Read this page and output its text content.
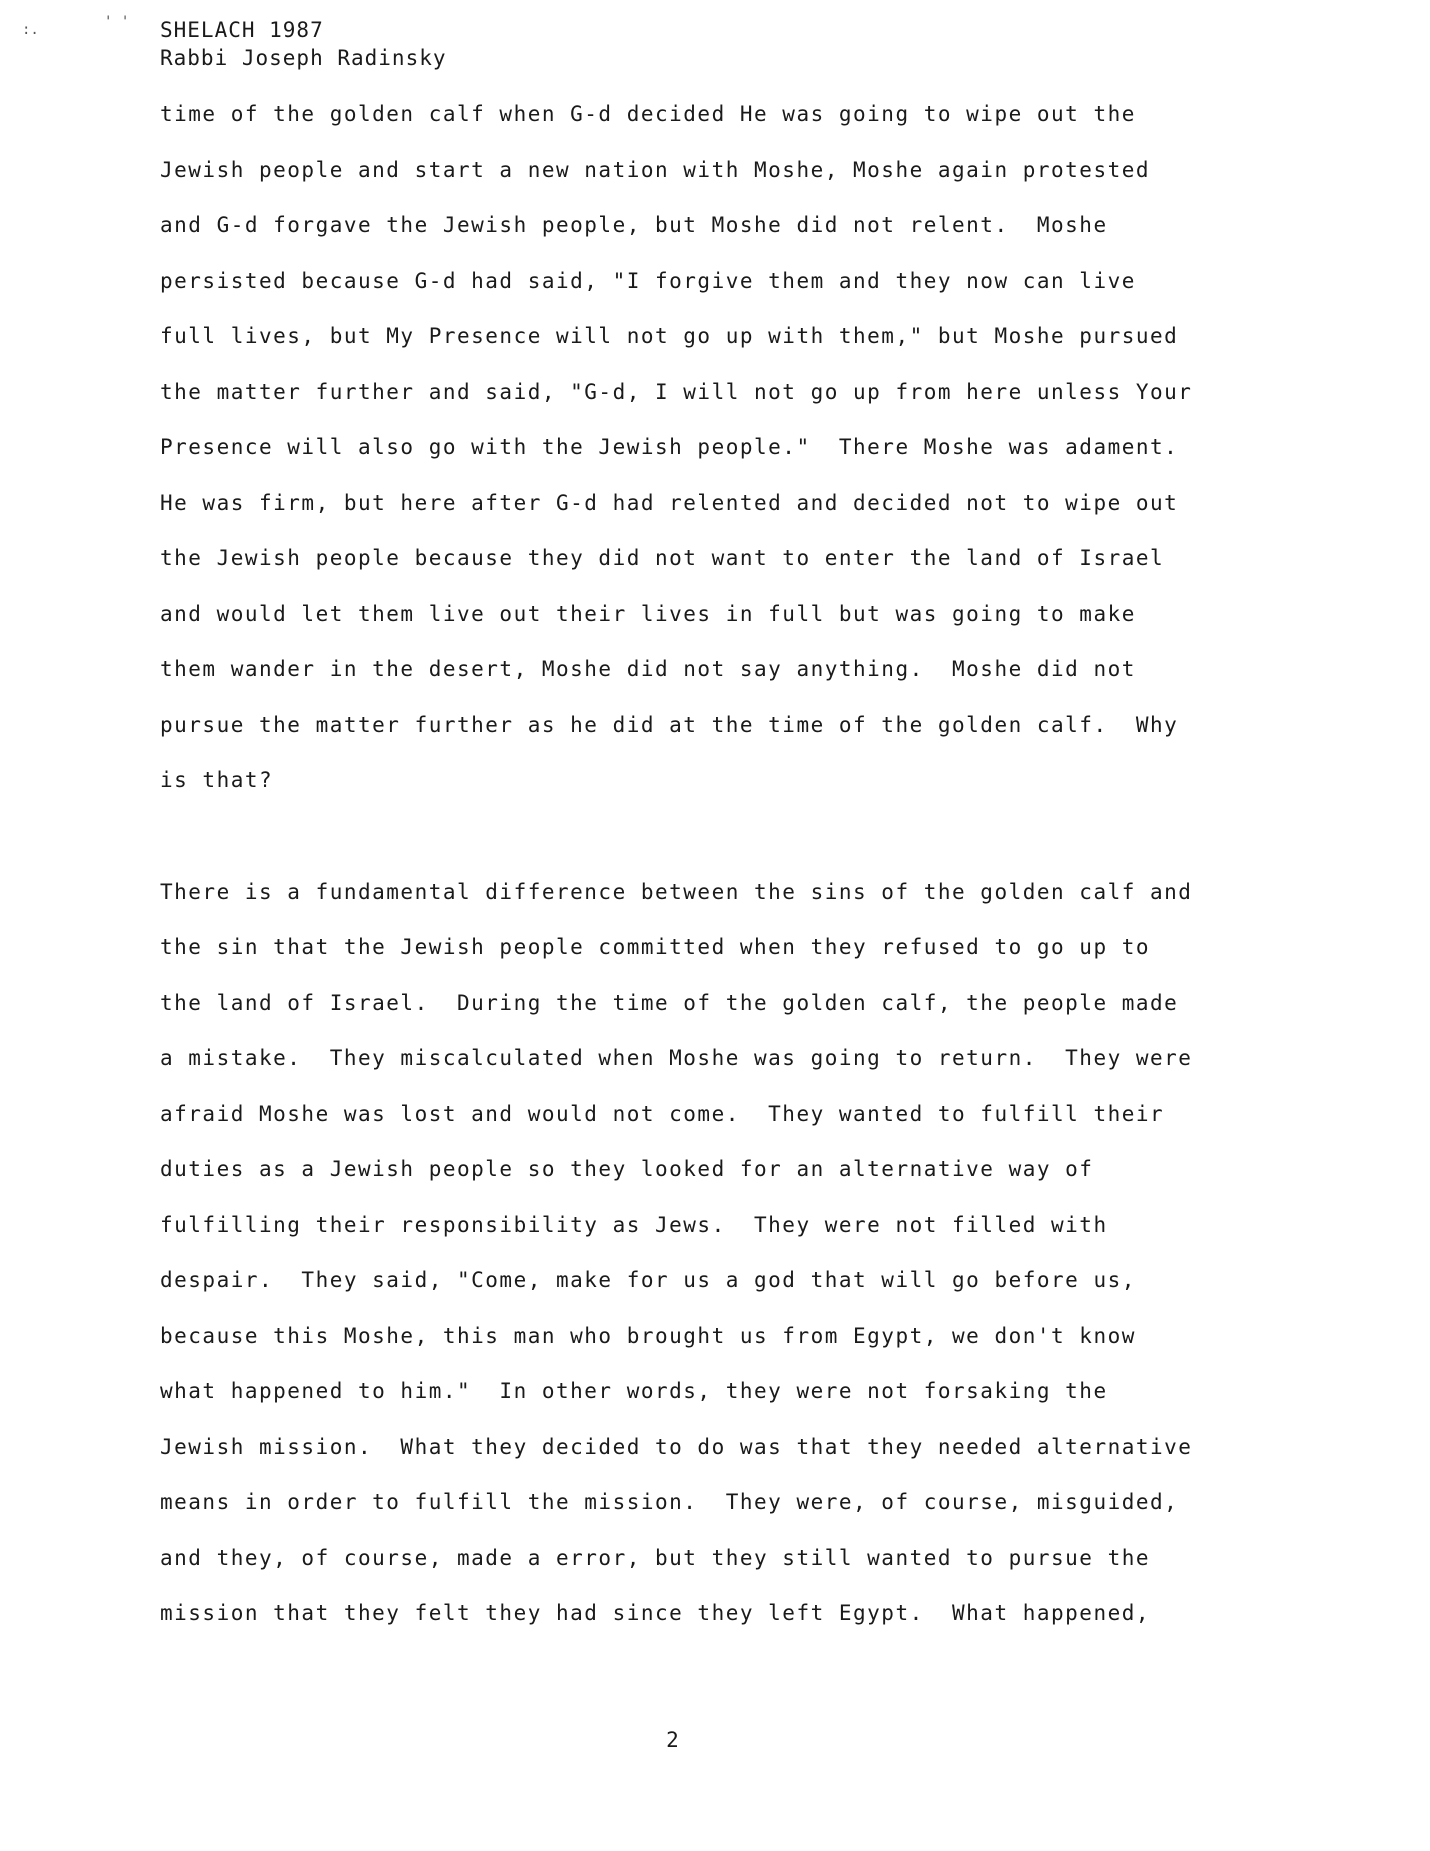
:.	' ' SHELACH 1987
Rabbi Joseph Radinsky
time of the golden calf when G-d decided He was going to wipe out the
Jewish people and start a new nation with Moshe, Moshe again protested
and G-d forgave the Jewish people, but Moshe did not relent.  Moshe
persisted because G-d had said, "I forgive them and they now can live
full lives, but My Presence will not go up with them," but Moshe pursued
the matter further and said, "G-d, I will not go up from here unless Your
Presence will also go with the Jewish people."  There Moshe was adament.
He was firm, but here after G-d had relented and decided not to wipe out
the Jewish people because they did not want to enter the land of Israel
and would let them live out their lives in full but was going to make
them wander in the desert, Moshe did not say anything.  Moshe did not
pursue the matter further as he did at the time of the golden calf.  Why
is that?
There is a fundamental difference between the sins of the golden calf and
the sin that the Jewish people committed when they refused to go up to
the land of Israel.  During the time of the golden calf, the people made
a mistake.  They miscalculated when Moshe was going to return.  They were
afraid Moshe was lost and would not come.  They wanted to fulfill their
duties as a Jewish people so they looked for an alternative way of
fulfilling their responsibility as Jews.  They were not filled with
despair.  They said, "Come, make for us a god that will go before us,
because this Moshe, this man who brought us from Egypt, we don't know
what happened to him."  In other words, they were not forsaking the
Jewish mission.  What they decided to do was that they needed alternative
means in order to fulfill the mission.  They were, of course, misguided,
and they, of course, made a error, but they still wanted to pursue the
mission that they felt they had since they left Egypt.  What happened,
2
